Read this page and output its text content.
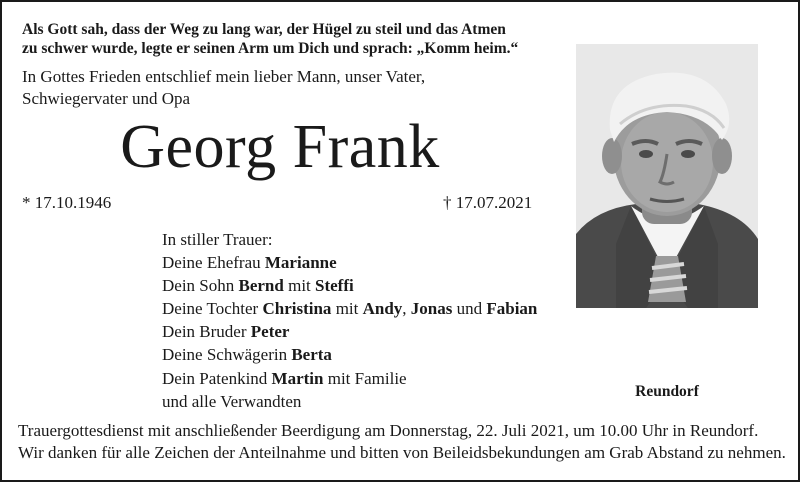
Als Gott sah, dass der Weg zu lang war, der Hügel zu steil und das Atmen
zu schwer wurde, legte er seinen Arm um Dich und sprach: „Komm heim.“
In Gottes Frieden entschlief mein lieber Mann, unser Vater,
Schwiegervater und Opa
Georg Frank
* 17.10.1946	† 17.07.2021
In stiller Trauer:
Deine Ehefrau Marianne
Dein Sohn Bernd mit Steffi
Deine Tochter Christina mit Andy, Jonas und Fabian
Dein Bruder Peter
Deine Schwägerin Berta
Dein Patenkind Martin mit Familie
und alle Verwandten
Reundorf

Trauergottesdienst mit anschließender Beerdigung am Donnerstag, 22. Juli 2021, um 10.00 Uhr in Reundorf.

Wir danken für alle Zeichen der Anteilnahme und bitten von Beileidsbekundungen am Grab Abstand zu nehmen.
